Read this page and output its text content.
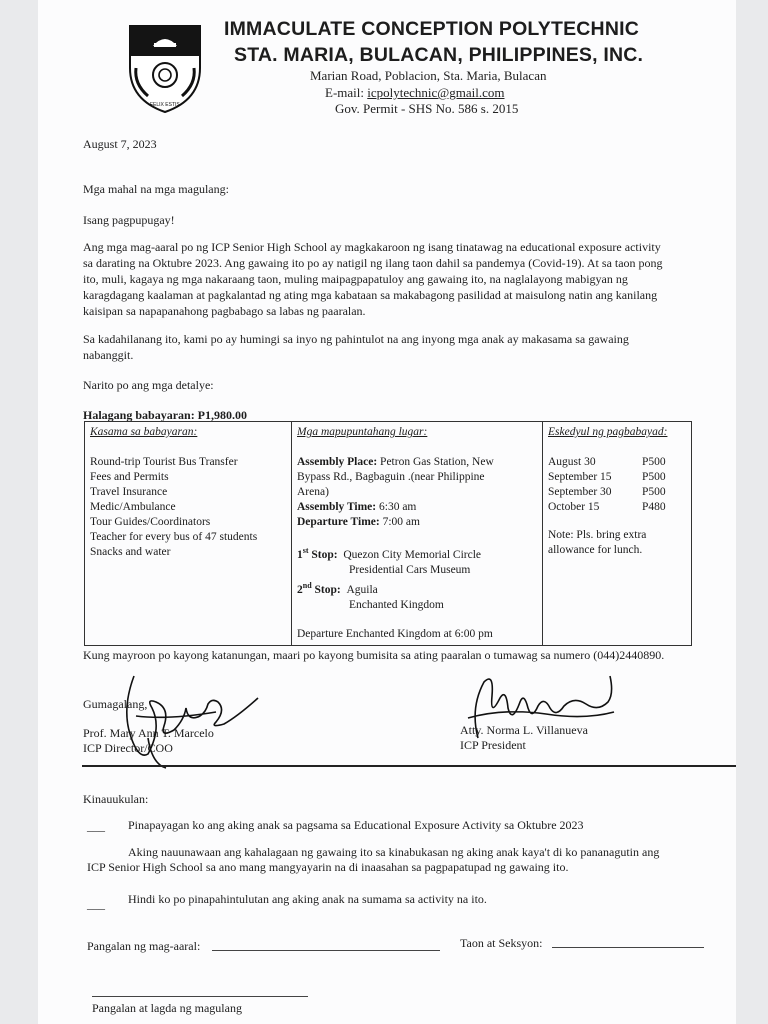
FELIX ESTIS
IMMACULATE CONCEPTION POLYTECHNIC
STA. MARIA, BULACAN, PHILIPPINES, INC.
Marian Road, Poblacion, Sta. Maria, Bulacan
E-mail: icpolytechnic@gmail.com
Gov. Permit - SHS No. 586 s. 2015
August 7, 2023
Mga mahal na mga magulang:
Isang pagpupugay!
Ang mga mag-aaral po ng ICP Senior High School ay magkakaroon ng isang tinatawag na educational exposure activity
sa darating na Oktubre 2023. Ang gawaing ito po ay natigil ng ilang taon dahil sa pandemya (Covid-19). At sa taon pong
ito, muli, kagaya ng mga nakaraang taon, muling maipagpapatuloy ang gawaing ito, na naglalayong mabigyan ng
karagdagang kaalaman at pagkalantad ng ating mga kabataan sa makabagong pasilidad at maisulong natin ang kanilang
kaisipan sa napapanahong pagbabago sa labas ng paaralan.
Sa kadahilanang ito, kami po ay humingi sa inyo ng pahintulot na ang inyong mga anak ay makasama sa gawaing
nabanggit.
Narito po ang mga detalye:
Halagang babayaran: P1,980.00
Kasama sa babayaran:
Round-trip Tourist Bus Transfer
Fees and Permits
Travel Insurance
Medic/Ambulance
Tour Guides/Coordinators
Teacher for every bus of 47 students
Snacks and water

Mga mapupuntahang lugar:
Assembly Place: Petron Gas Station, New
Bypass Rd., Bagbaguin .(near Philippine
Arena)
Assembly Time: 6:30 am
Departure Time: 7:00 am
1st Stop: Quezon City Memorial Circle
Presidential Cars Museum
2nd Stop: Aguila
Enchanted Kingdom
Departure Enchanted Kingdom at 6:00 pm

Eskedyul ng pagbabayad:
August 30	P500
September 15	P500
September 30	P500
October 15	P480
Note: Pls. bring extra
allowance for lunch.
Kung mayroon po kayong katanungan, maari po kayong bumisita sa ating paaralan o tumawag sa numero (044)2440890.
Gumagalang,
Prof. Mary Ann T. Marcelo
ICP Director/COO
Atty. Norma L. Villanueva
ICP President
Kinauukulan:
___ Pinapayagan ko ang aking anak sa pagsama sa Educational Exposure Activity sa Oktubre 2023
Aking nauunawaan ang kahalagaan ng gawaing ito sa kinabukasan ng aking anak kaya't di ko pananagutin ang
ICP Senior High School sa ano mang mangyayarin na di inaasahan sa pagpapatupad ng gawaing ito.
___ Hindi ko po pinapahintulutan ang aking anak na sumama sa activity na ito.
Pangalan ng mag-aaral:	Taon at Seksyon:
Pangalan at lagda ng magulang
